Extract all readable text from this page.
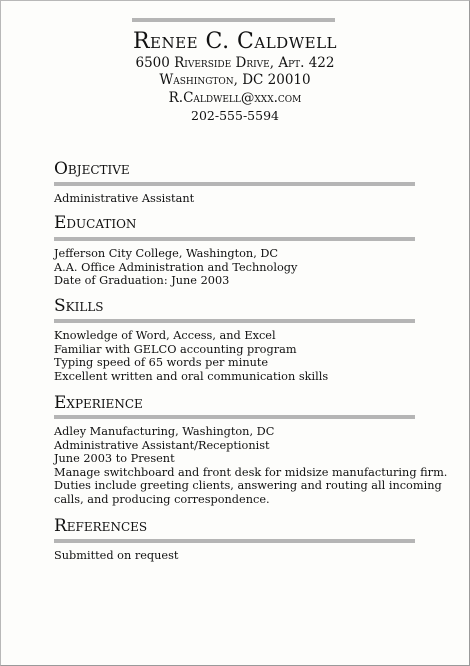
Renee C. Caldwell
6500 Riverside Drive, Apt. 422
Washington, DC 20010
R.Caldwell@xxx.com
202-555-5594
Objective
Administrative Assistant
Education
Jefferson City College, Washington, DC
A.A. Office Administration and Technology
Date of Graduation: June 2003
Skills
Knowledge of Word, Access, and Excel
Familiar with GELCO accounting program
Typing speed of 65 words per minute
Excellent written and oral communication skills
Experience
Adley Manufacturing, Washington, DC
Administrative Assistant/Receptionist
June 2003 to Present
Manage switchboard and front desk for midsize manufacturing firm.
Duties include greeting clients, answering and routing all incoming
calls, and producing correspondence.
References
Submitted on request
